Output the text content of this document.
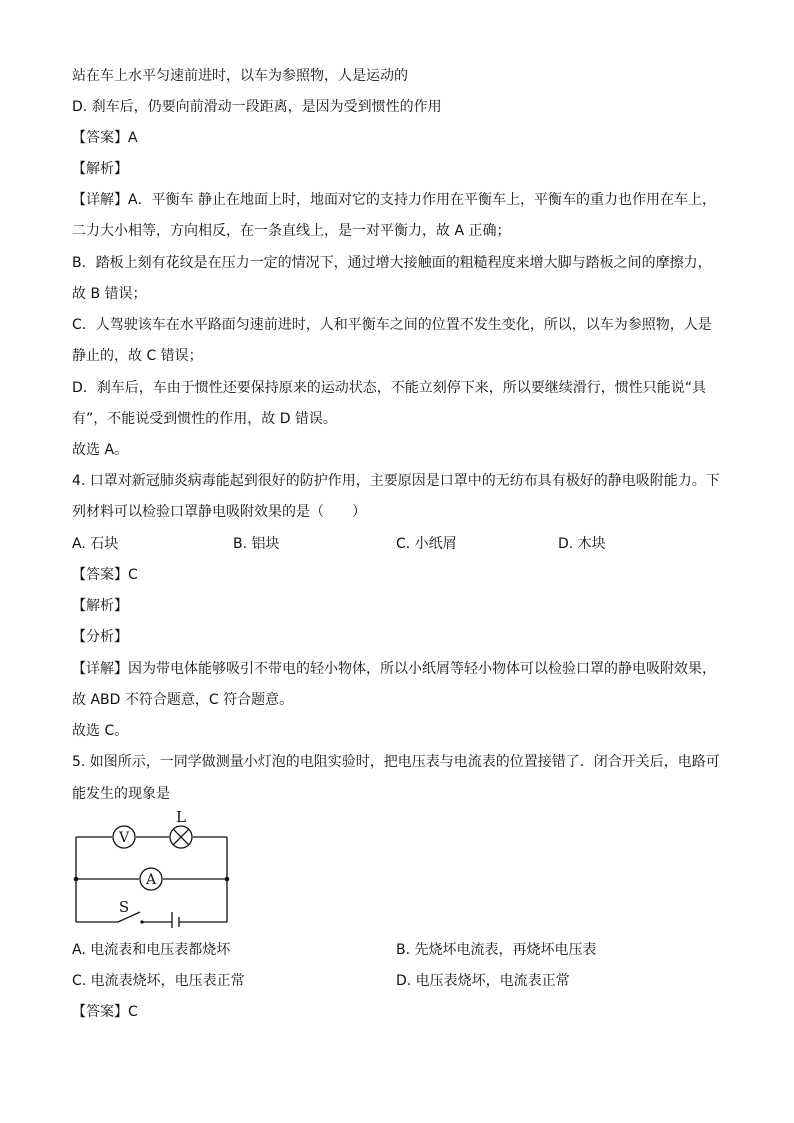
站在车上水平匀速前进时，以车为参照物，人是运动的
D. 刹车后，仍要向前滑动一段距离，是因为受到惯性的作用
【答案】A
【解析】
【详解】A．平衡车 静止在地面上时，地面对它的支持力作用在平衡车上，平衡车的重力也作用在车上，
二力大小相等，方向相反，在一条直线上，是一对平衡力，故 A 正确；
B．踏板上刻有花纹是在压力一定的情况下，通过增大接触面的粗糙程度来增大脚与踏板之间的摩擦力，
故 B 错误；
C．人驾驶该车在水平路面匀速前进时，人和平衡车之间的位置不发生变化，所以，以车为参照物，人是
静止的，故 C 错误；
D．刹车后，车由于惯性还要保持原来的运动状态，不能立刻停下来，所以要继续滑行，惯性只能说“具
有”，不能说受到惯性的作用，故 D 错误。
故选 A。
4. 口罩对新冠肺炎病毒能起到很好的防护作用，主要原因是口罩中的无纺布具有极好的静电吸附能力。下
列材料可以检验口罩静电吸附效果的是（　　）
A. 石块	B. 铝块	C. 小纸屑	D. 木块
【答案】C
【解析】
【分析】
【详解】因为带电体能够吸引不带电的轻小物体，所以小纸屑等轻小物体可以检验口罩的静电吸附效果，
故 ABD 不符合题意，C 符合题意。
故选 C。
5. 如图所示，一同学做测量小灯泡的电阻实验时，把电压表与电流表的位置接错了．闭合开关后，电路可
能发生的现象是
V
L
A
S
A. 电流表和电压表都烧坏	B. 先烧坏电流表，再烧坏电压表
C. 电流表烧坏，电压表正常	D. 电压表烧坏，电流表正常
【答案】C
